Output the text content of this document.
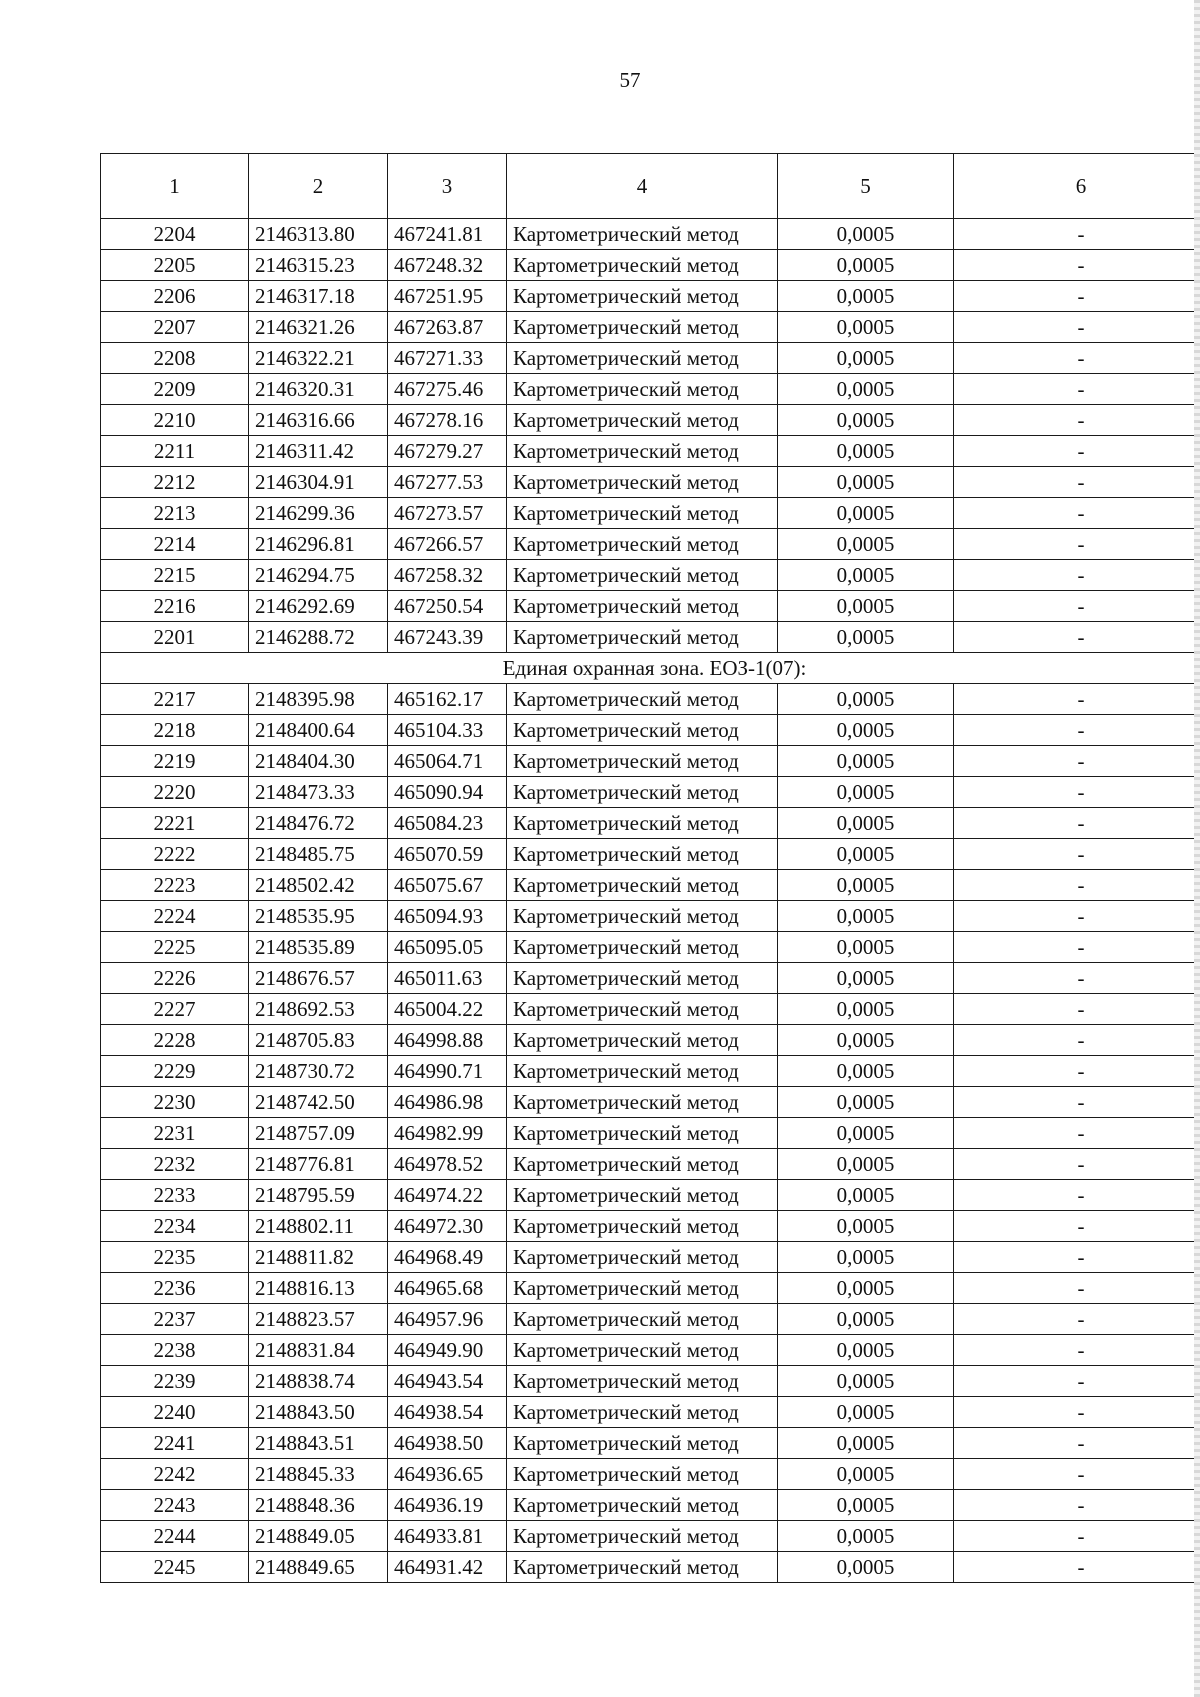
57
1	2	3	4	5	6
2204	2146313.80	467241.81	Картометрический метод	0,0005	-
2205	2146315.23	467248.32	Картометрический метод	0,0005	-
2206	2146317.18	467251.95	Картометрический метод	0,0005	-
2207	2146321.26	467263.87	Картометрический метод	0,0005	-
2208	2146322.21	467271.33	Картометрический метод	0,0005	-
2209	2146320.31	467275.46	Картометрический метод	0,0005	-
2210	2146316.66	467278.16	Картометрический метод	0,0005	-
2211	2146311.42	467279.27	Картометрический метод	0,0005	-
2212	2146304.91	467277.53	Картометрический метод	0,0005	-
2213	2146299.36	467273.57	Картометрический метод	0,0005	-
2214	2146296.81	467266.57	Картометрический метод	0,0005	-
2215	2146294.75	467258.32	Картометрический метод	0,0005	-
2216	2146292.69	467250.54	Картометрический метод	0,0005	-
2201	2146288.72	467243.39	Картометрический метод	0,0005	-
Единая охранная зона. ЕОЗ-1(07):					
2217	2148395.98	465162.17	Картометрический метод	0,0005	-
2218	2148400.64	465104.33	Картометрический метод	0,0005	-
2219	2148404.30	465064.71	Картометрический метод	0,0005	-
2220	2148473.33	465090.94	Картометрический метод	0,0005	-
2221	2148476.72	465084.23	Картометрический метод	0,0005	-
2222	2148485.75	465070.59	Картометрический метод	0,0005	-
2223	2148502.42	465075.67	Картометрический метод	0,0005	-
2224	2148535.95	465094.93	Картометрический метод	0,0005	-
2225	2148535.89	465095.05	Картометрический метод	0,0005	-
2226	2148676.57	465011.63	Картометрический метод	0,0005	-
2227	2148692.53	465004.22	Картометрический метод	0,0005	-
2228	2148705.83	464998.88	Картометрический метод	0,0005	-
2229	2148730.72	464990.71	Картометрический метод	0,0005	-
2230	2148742.50	464986.98	Картометрический метод	0,0005	-
2231	2148757.09	464982.99	Картометрический метод	0,0005	-
2232	2148776.81	464978.52	Картометрический метод	0,0005	-
2233	2148795.59	464974.22	Картометрический метод	0,0005	-
2234	2148802.11	464972.30	Картометрический метод	0,0005	-
2235	2148811.82	464968.49	Картометрический метод	0,0005	-
2236	2148816.13	464965.68	Картометрический метод	0,0005	-
2237	2148823.57	464957.96	Картометрический метод	0,0005	-
2238	2148831.84	464949.90	Картометрический метод	0,0005	-
2239	2148838.74	464943.54	Картометрический метод	0,0005	-
2240	2148843.50	464938.54	Картометрический метод	0,0005	-
2241	2148843.51	464938.50	Картометрический метод	0,0005	-
2242	2148845.33	464936.65	Картометрический метод	0,0005	-
2243	2148848.36	464936.19	Картометрический метод	0,0005	-
2244	2148849.05	464933.81	Картометрический метод	0,0005	-
2245	2148849.65	464931.42	Картометрический метод	0,0005	-
